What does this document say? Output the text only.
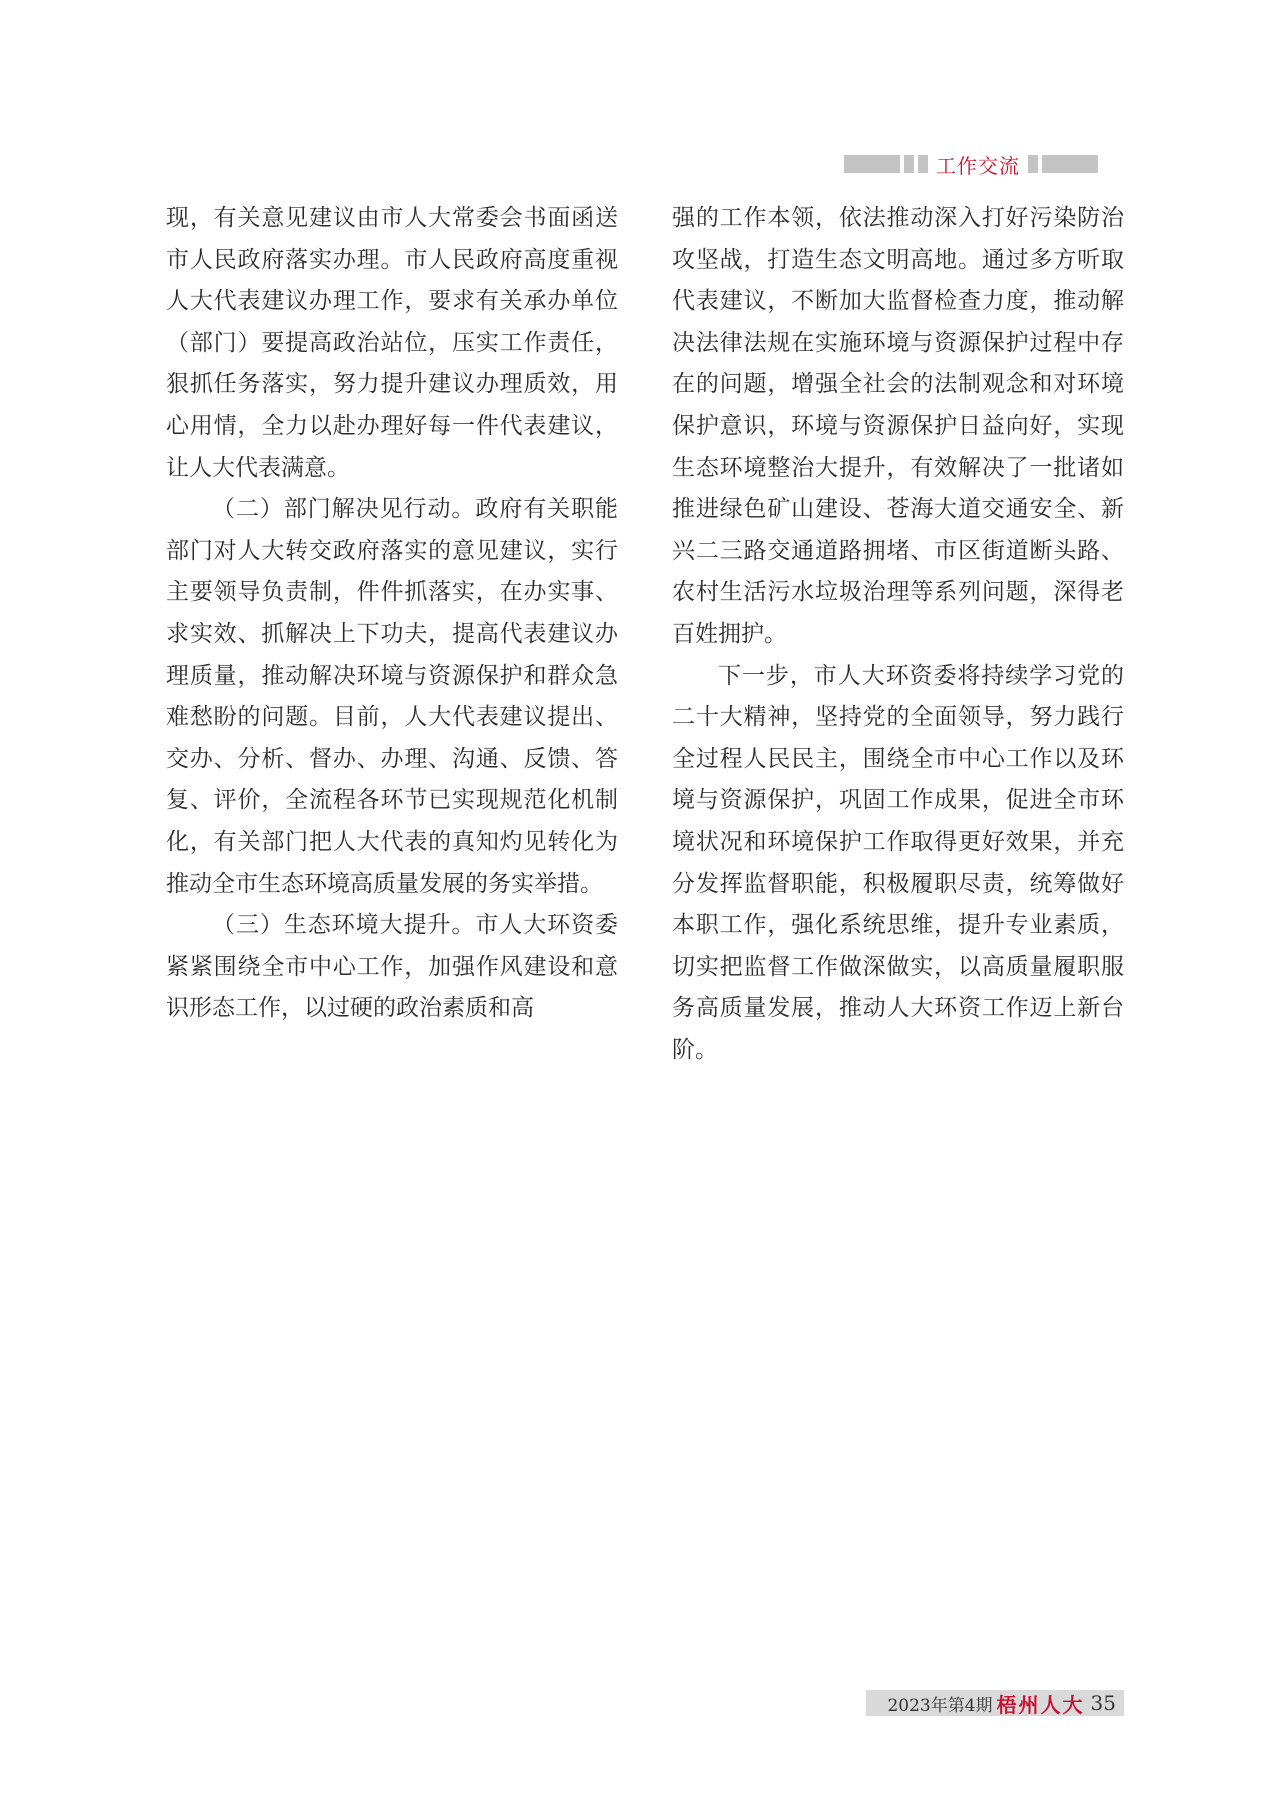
工作交流

现，有关意见建议由市人大常委会书面函送市人民政府落实办理。市人民政府高度重视人大代表建议办理工作，要求有关承办单位（部门）要提高政治站位，压实工作责任，狠抓任务落实，努力提升建议办理质效，用心用情，全力以赴办理好每一件代表建议，让人大代表满意。

（二）部门解决见行动。政府有关职能部门对人大转交政府落实的意见建议，实行主要领导负责制，件件抓落实，在办实事、求实效、抓解决上下功夫，提高代表建议办理质量，推动解决环境与资源保护和群众急难愁盼的问题。目前，人大代表建议提出、交办、分析、督办、办理、沟通、反馈、答复、评价，全流程各环节已实现规范化机制化，有关部门把人大代表的真知灼见转化为推动全市生态环境高质量发展的务实举措。

（三）生态环境大提升。市人大环资委紧紧围绕全市中心工作，加强作风建设和意识形态工作，以过硬的政治素质和高

强的工作本领，依法推动深入打好污染防治攻坚战，打造生态文明高地。通过多方听取代表建议，不断加大监督检查力度，推动解决法律法规在实施环境与资源保护过程中存在的问题，增强全社会的法制观念和对环境保护意识，环境与资源保护日益向好，实现生态环境整治大提升，有效解决了一批诸如推进绿色矿山建设、苍海大道交通安全、新兴二三路交通道路拥堵、市区街道断头路、农村生活污水垃圾治理等系列问题，深得老百姓拥护。

下一步，市人大环资委将持续学习党的二十大精神，坚持党的全面领导，努力践行全过程人民民主，围绕全市中心工作以及环境与资源保护，巩固工作成果，促进全市环境状况和环境保护工作取得更好效果，并充分发挥监督职能，积极履职尽责，统筹做好本职工作，强化系统思维，提升专业素质，切实把监督工作做深做实，以高质量履职服务高质量发展，推动人大环资工作迈上新台阶。

2023年第4期 梧州人大 35
